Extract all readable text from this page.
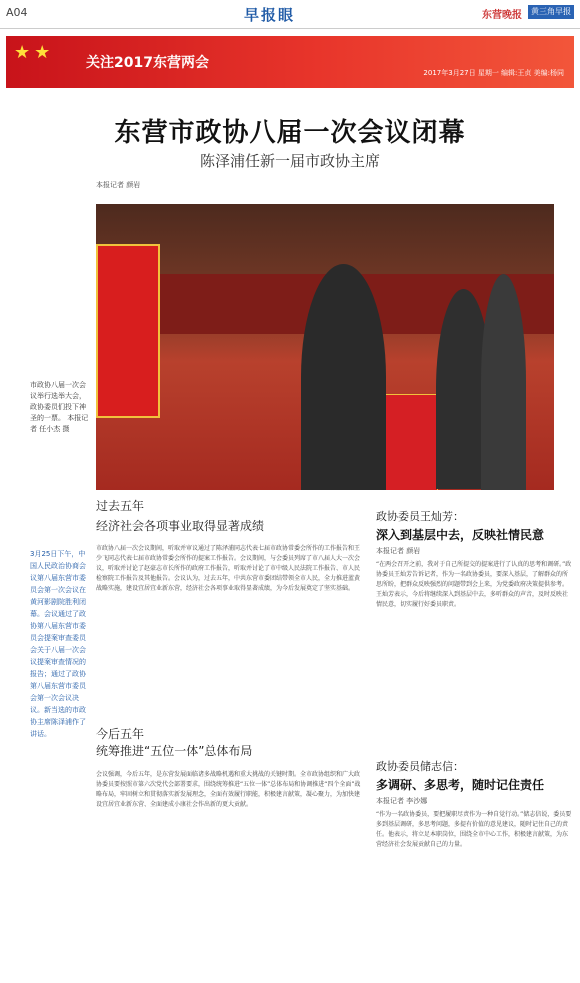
A04	早报眼	东营晚报	黄三角早报
★★ 关注2017东营两会
2017年3月27日 星期一 编辑:王贞 美编:杨同
东营市政协八届一次会议闭幕
陈泽浦任新一届市政协主席
本报记者 颜岩
市政协八届一次会议举行选举大会，政协委员们投下神圣的一票。 本报记者 任小杰 摄
3月25日下午，中国人民政治协商会议第八届东营市委员会第一次会议在黄河影剧院胜利闭幕。会议通过了政协第八届东营市委员会提案审查委员会关于八届一次会议提案审查情况的报告；通过了政协第八届东营市委员会第一次会议决议。新当选的市政协主席陈泽浦作了讲话。
过去五年
经济社会各项事业取得显著成绩
市政协八届一次会议期间，听取并审议通过了陈泽浦同志代表七届市政协常委会所作的工作报告和王少飞同志代表七届市政协常委会所作的提案工作报告。会议期间，与会委员列席了市八届人大一次会议，听取并讨论了赵豪志市长所作的政府工作报告，听取并讨论了市中级人民法院工作报告、市人民检察院工作报告及其他报告。会议认为，过去五年，中共东营市委团结带领全市人民，全力推进蓝黄战略实施，建设宜居宜业新东营，经济社会各项事业取得显著成绩，为今后发展奠定了坚实基础。
今后五年
统筹推进“五位一体”总体布局
会议强调，今后五年，是东营发展面临诸多战略机遇和重大挑战的关键时期。全市政协组织和广大政协委员要按照市第六次党代会部署要求，围绕统筹推进“五位一体”总体布局和协调推进“四个全面”战略布局，牢固树立和贯彻落实新发展理念，全面有效履行职能，积极建言献策，凝心聚力，为加快建设宜居宜业新东营、全面建成小康社会作出新的更大贡献。
政协委员王灿芳：
深入到基层中去，反映社情民意
本报记者 颜岩
“在两会召开之前，我对于自己所提交的提案进行了认真的思考和调研。”政协委员王灿芳告诉记者，作为一名政协委员，要深入基层，了解群众的所思所盼，把群众反映强烈的问题带到会上来，为党委政府决策提供参考。王灿芳表示，今后将继续深入到基层中去，多听群众的声音，及时反映社情民意，切实履行好委员职责。
政协委员储志信：
多调研、多思考，随时记住责任
本报记者 李沙娜
“作为一名政协委员，要把履职尽责作为一种自觉行动。”储志信说，委员要多到基层调研，多思考问题，多提有价值的意见建议，随时记住自己的责任。他表示，将立足本职岗位，围绕全市中心工作，积极建言献策，为东营经济社会发展贡献自己的力量。
